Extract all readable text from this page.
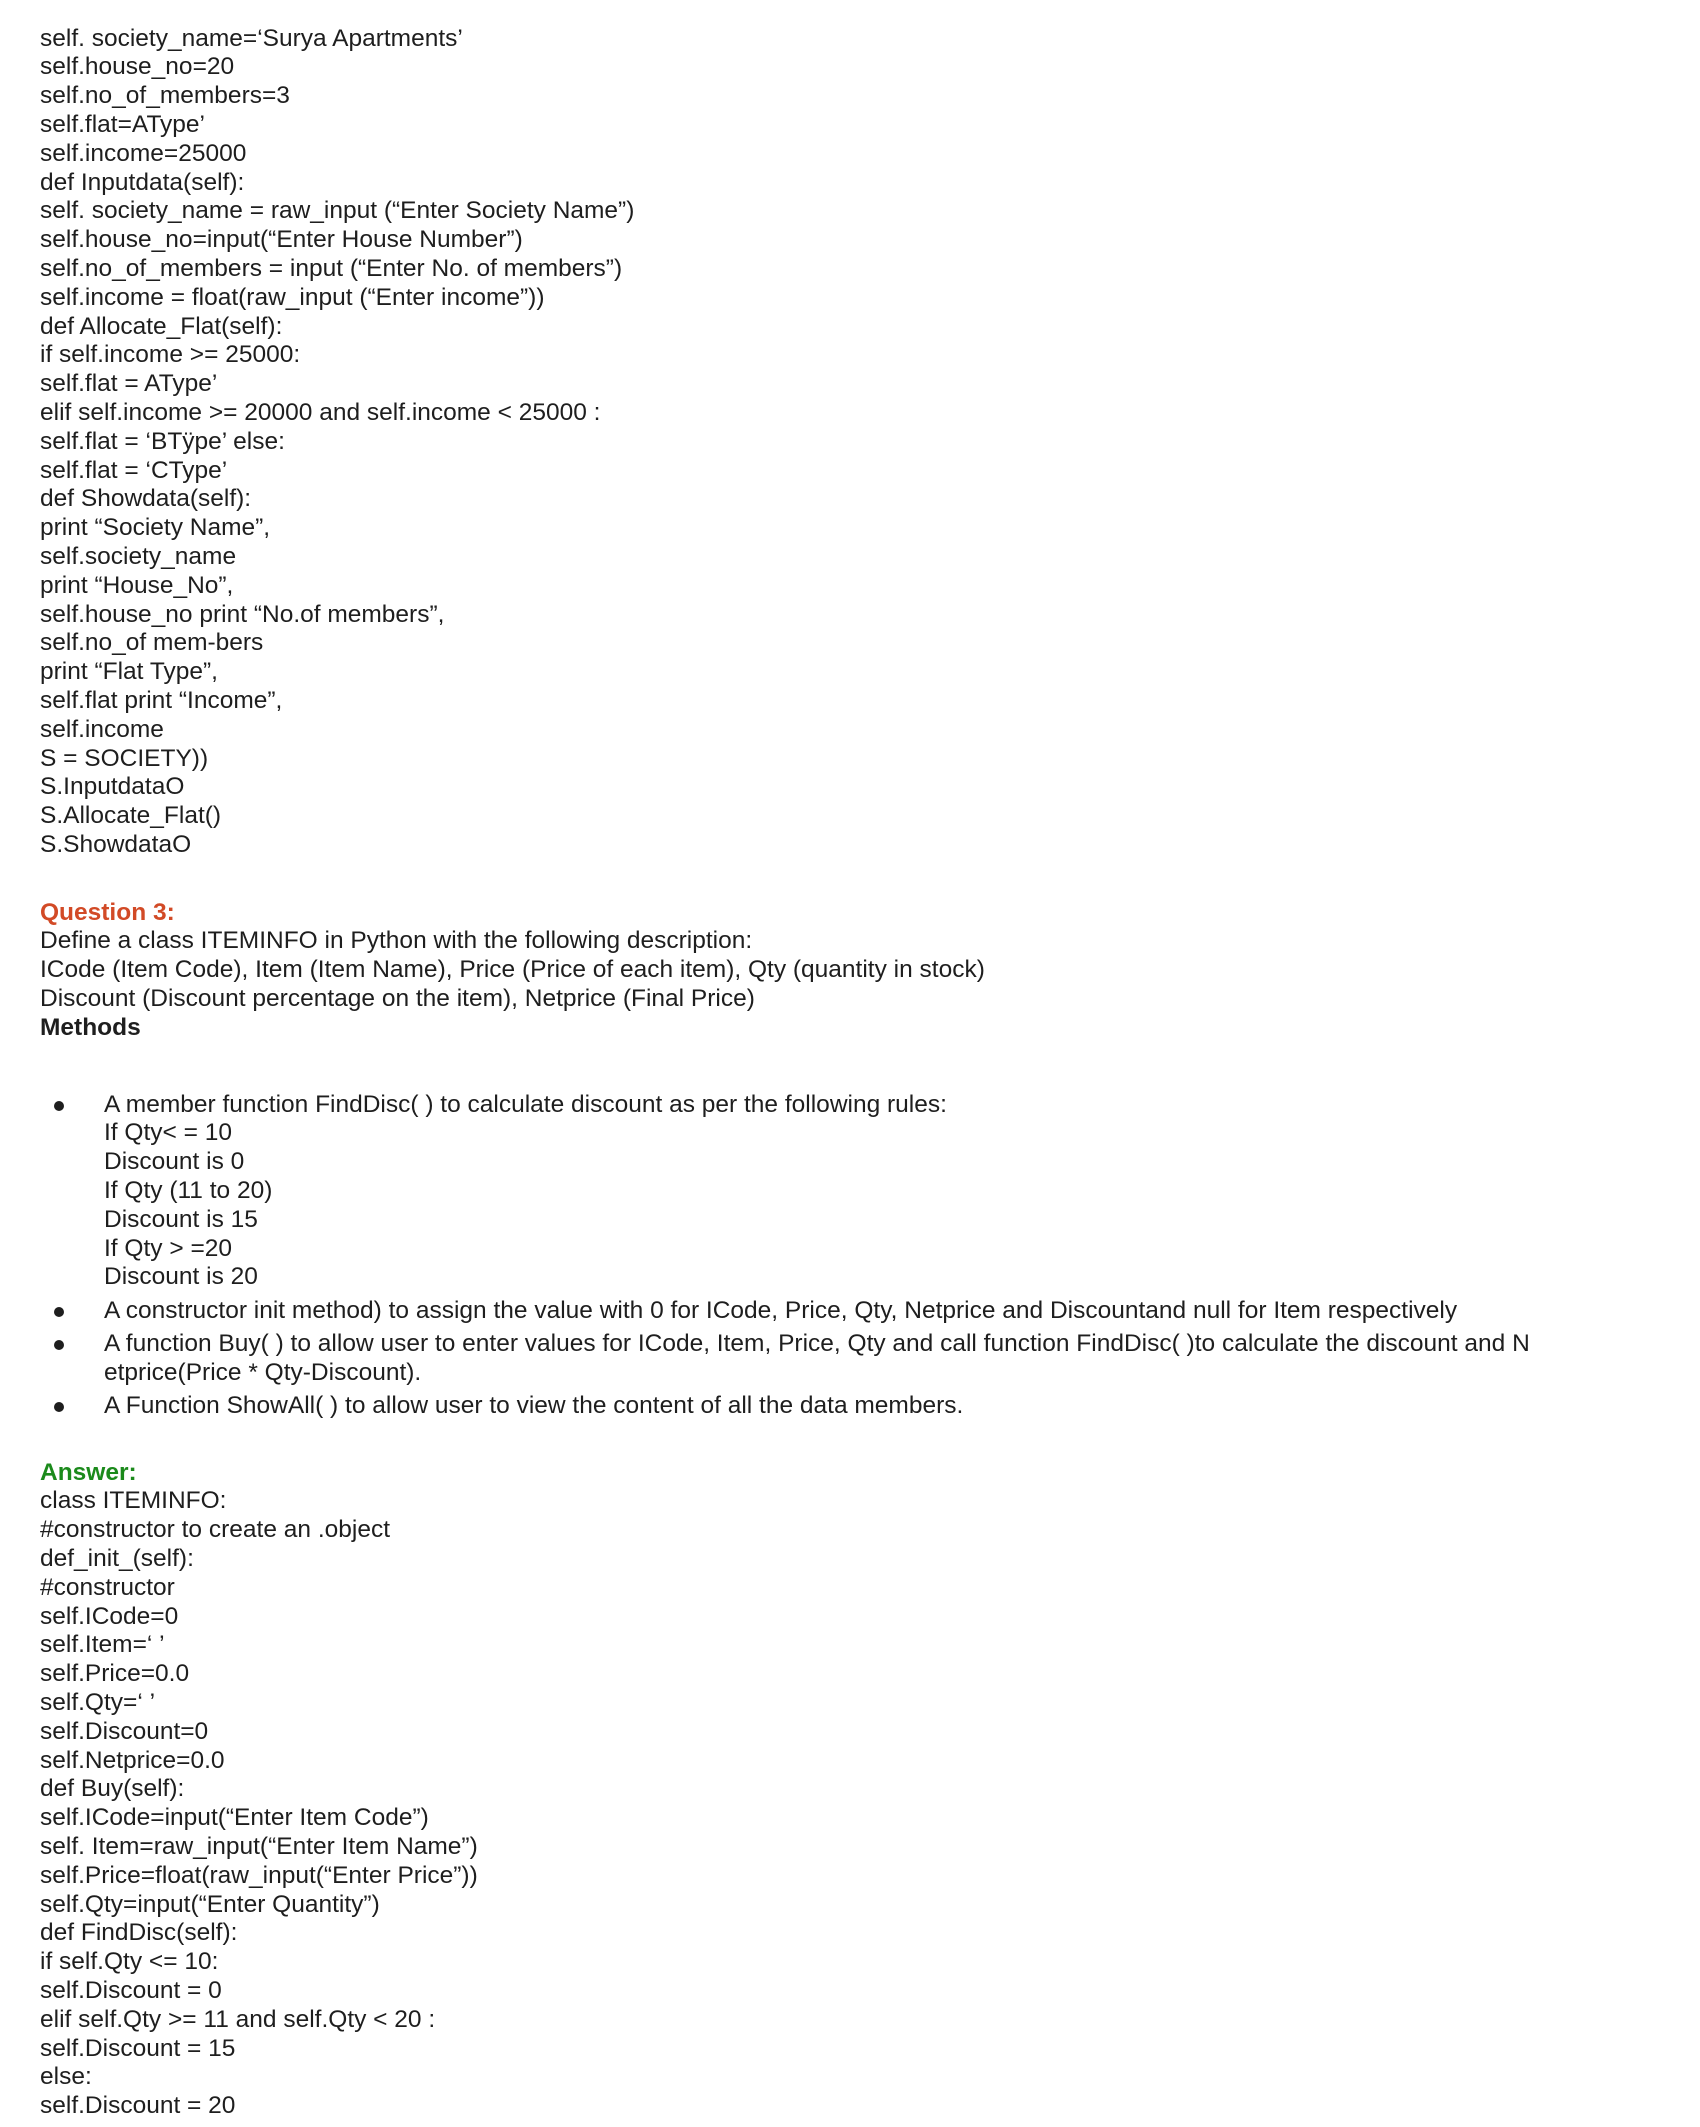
self. society_name=‘Surya Apartments’
self.house_no=20
self.no_of_members=3
self.flat=AType’
self.income=25000
def Inputdata(self):
self. society_name = raw_input (“Enter Society Name”)
self.house_no=input(“Enter House Number”)
self.no_of_members = input (“Enter No. of members”)
self.income = float(raw_input (“Enter income”))
def Allocate_Flat(self):
if self.income >= 25000:
self.flat = AType’
elif self.income >= 20000 and self.income < 25000 :
self.flat = ‘BTÿpe’ else:
self.flat = ‘CType’
def Showdata(self):
print “Society Name”,
self.society_name
print “House_No”,
self.house_no print “No.of members”,
self.no_of mem-bers
print “Flat Type”,
self.flat print “Income”,
self.income
S = SOCIETY))
S.InputdataO
S.Allocate_Flat()
S.ShowdataO
Question 3:
Define a class ITEMINFO in Python with the following description:
ICode (Item Code), Item (Item Name), Price (Price of each item), Qty (quantity in stock)
Discount (Discount percentage on the item), Netprice (Final Price)
Methods
A member function FindDisc( ) to calculate discount as per the following rules:
If Qty< = 10
Discount is 0
If Qty (11 to 20)
Discount is 15
If Qty > =20
Discount is 20
A constructor init method) to assign the value with 0 for ICode, Price, Qty, Netprice and Discountand null for Item respectively
A function Buy( ) to allow user to enter values for ICode, Item, Price, Qty and call function FindDisc( )to calculate the discount and N
etprice(Price * Qty-Discount).
A Function ShowAll( ) to allow user to view the content of all the data members.
Answer:
class ITEMINFO:
#constructor to create an .object
def_init_(self):
#constructor
self.ICode=0
self.Item=‘ ’
self.Price=0.0
self.Qty=‘ ’
self.Discount=0
self.Netprice=0.0
def Buy(self):
self.ICode=input(“Enter Item Code”)
self. Item=raw_input(“Enter Item Name”)
self.Price=float(raw_input(“Enter Price”))
self.Qty=input(“Enter Quantity”)
def FindDisc(self):
if self.Qty <= 10:
self.Discount = 0
elif self.Qty >= 11 and self.Qty < 20 :
self.Discount = 15
else:
self.Discount = 20
